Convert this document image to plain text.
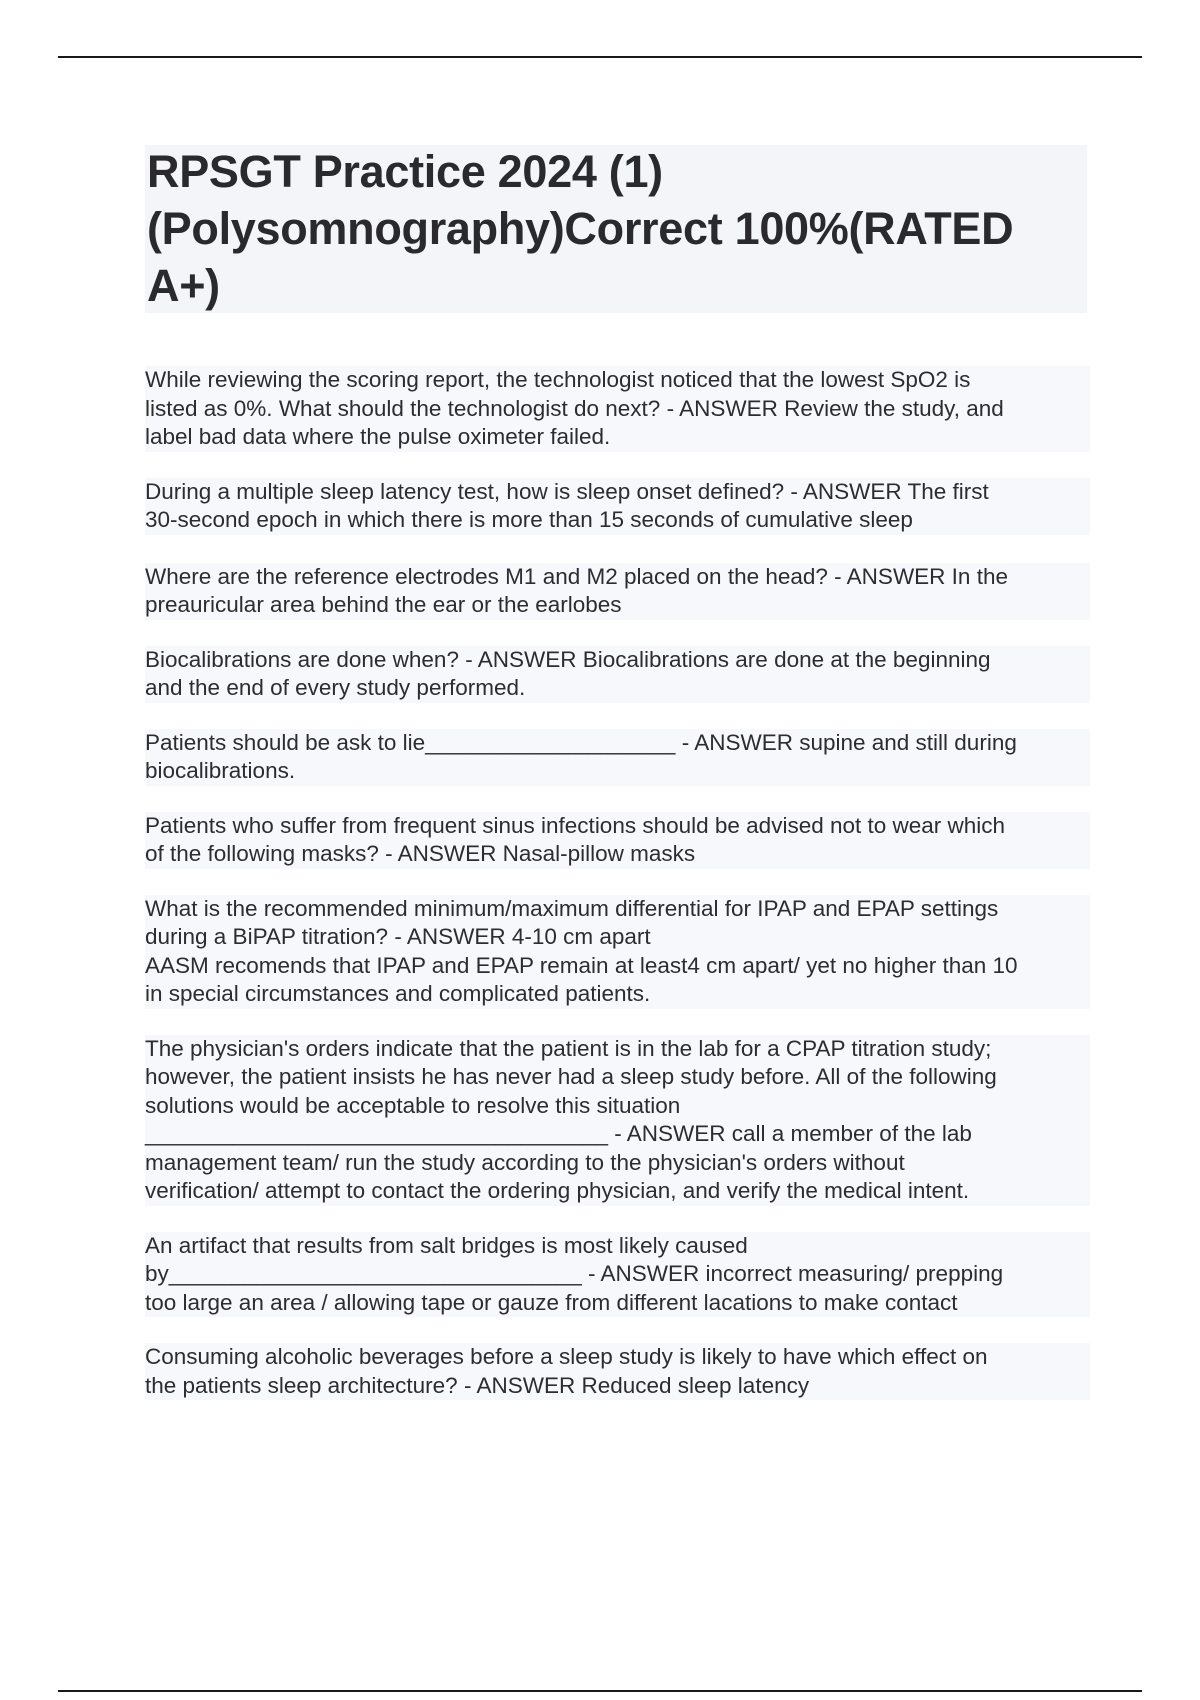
RPSGT Practice 2024 (1) (Polysomnography)Correct 100%(RATED A+)

While reviewing the scoring report, the technologist noticed that the lowest SpO2 is
listed as 0%. What should the technologist do next? - ANSWER Review the study, and
label bad data where the pulse oximeter failed.

During a multiple sleep latency test, how is sleep onset defined? - ANSWER The first
30-second epoch in which there is more than 15 seconds of cumulative sleep

Where are the reference electrodes M1 and M2 placed on the head? - ANSWER In the
preauricular area behind the ear or the earlobes

Biocalibrations are done when? - ANSWER Biocalibrations are done at the beginning
and the end of every study performed.

Patients should be ask to lie____________________ - ANSWER supine and still during
biocalibrations.

Patients who suffer from frequent sinus infections should be advised not to wear which
of the following masks? - ANSWER Nasal-pillow masks

What is the recommended minimum/maximum differential for IPAP and EPAP settings
during a BiPAP titration? - ANSWER 4-10 cm apart
AASM recomends that IPAP and EPAP remain at least4 cm apart/ yet no higher than 10
in special circumstances and complicated patients.

The physician's orders indicate that the patient is in the lab for a CPAP titration study;
however, the patient insists he has never had a sleep study before. All of the following
solutions would be acceptable to resolve this situation
_____________________________________ - ANSWER call a member of the lab
management team/ run the study according to the physician's orders without
verification/ attempt to contact the ordering physician, and verify the medical intent.

An artifact that results from salt bridges is most likely caused
by_________________________________ - ANSWER incorrect measuring/ prepping
too large an area / allowing tape or gauze from different lacations to make contact

Consuming alcoholic beverages before a sleep study is likely to have which effect on
the patients sleep architecture? - ANSWER Reduced sleep latency
